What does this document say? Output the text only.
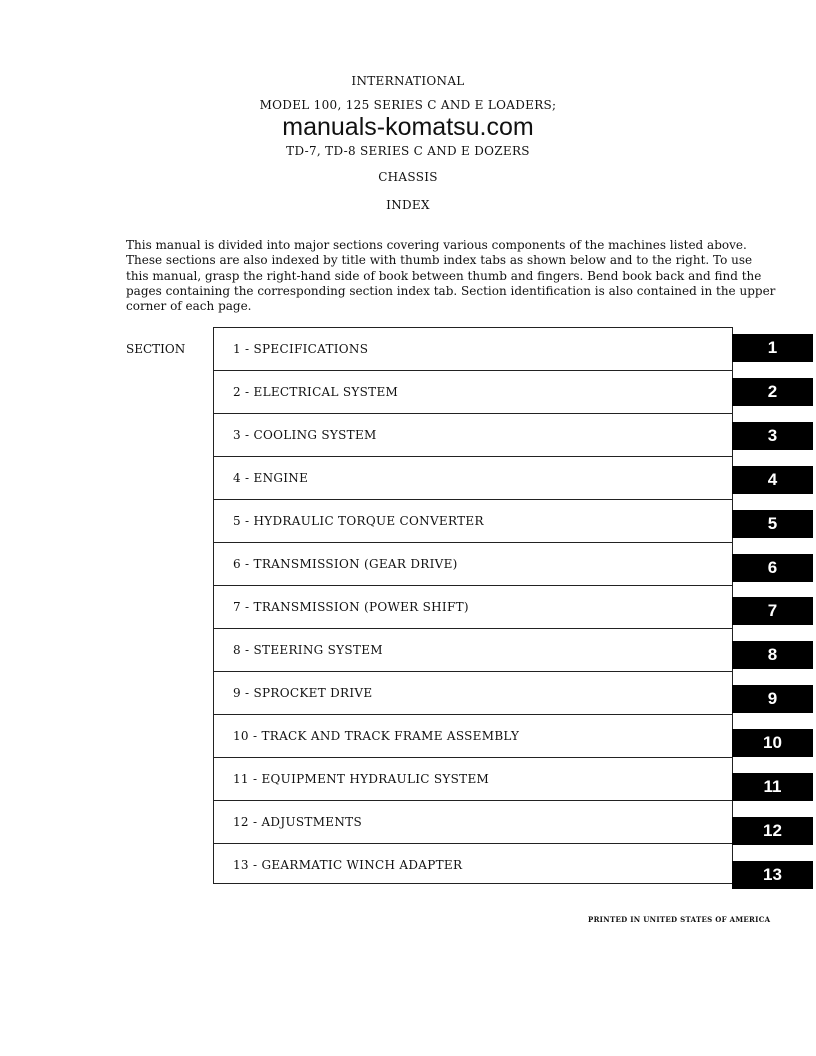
INTERNATIONAL
MODEL 100, 125 SERIES C AND E LOADERS;
manuals-komatsu.com
TD-7, TD-8 SERIES C AND E DOZERS
CHASSIS
INDEX
This manual is divided into major sections covering various components of the machines listed above. These sections are also indexed by title with thumb index tabs as shown below and to the right. To use this manual, grasp the right-hand side of book between thumb and fingers. Bend book back and find the pages containing the corresponding section index tab. Section identification is also contained in the upper corner of each page.
SECTION	1 - SPECIFICATIONS
2 - ELECTRICAL SYSTEM
3 - COOLING SYSTEM
4 - ENGINE
5 - HYDRAULIC TORQUE CONVERTER
6 - TRANSMISSION (GEAR DRIVE)
7 - TRANSMISSION (POWER SHIFT)
8 - STEERING SYSTEM
9 - SPROCKET DRIVE
10 - TRACK AND TRACK FRAME ASSEMBLY
11 - EQUIPMENT HYDRAULIC SYSTEM
12 - ADJUSTMENTS
13 - GEARMATIC WINCH ADAPTER
1
2
3
4
5
6
7
8
9
10
11
12
13
PRINTED IN UNITED STATES OF AMERICA
